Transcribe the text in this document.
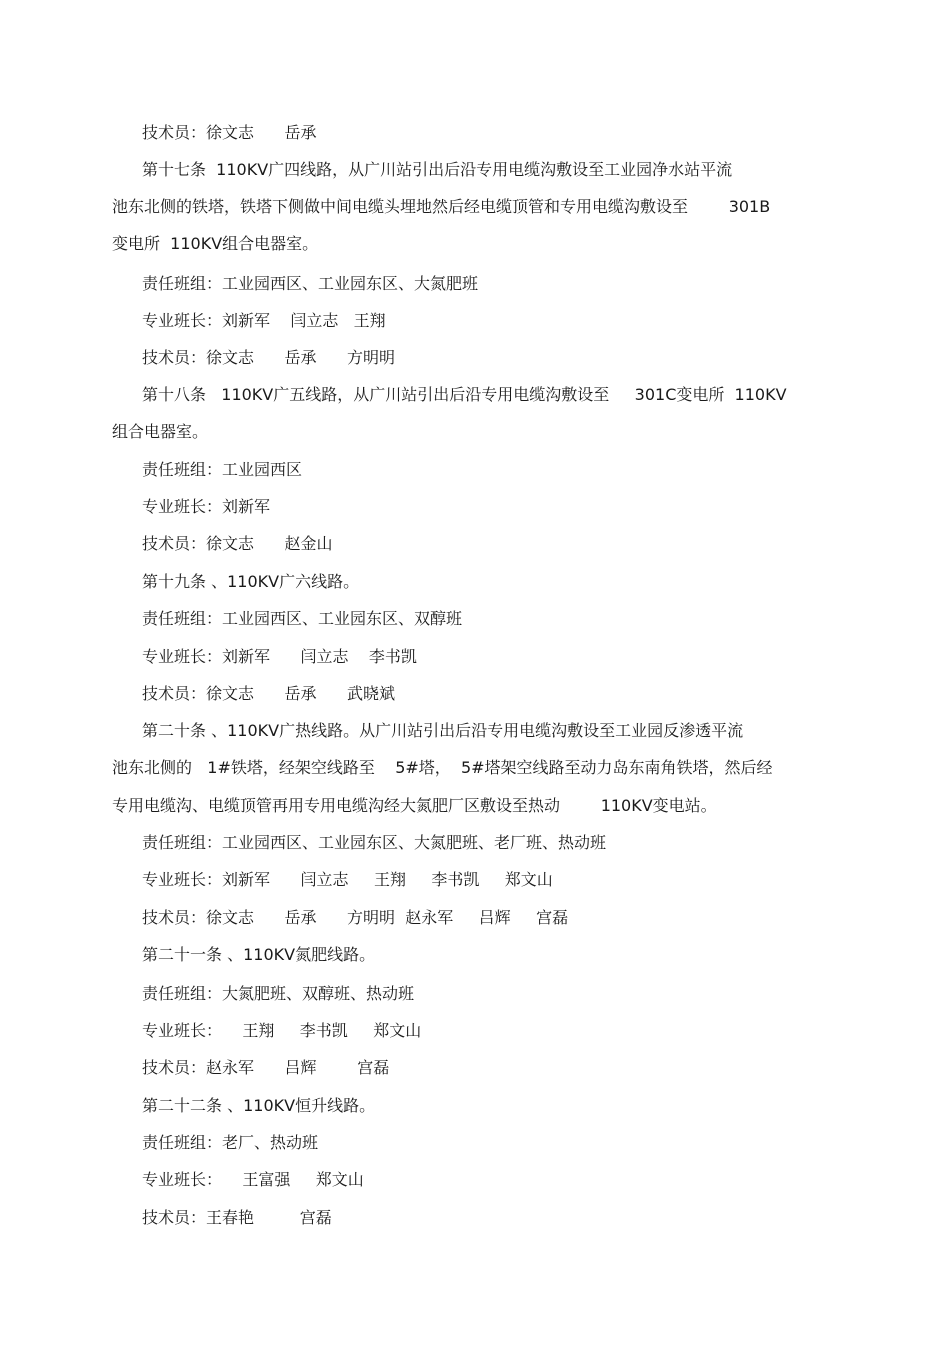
技术员：徐文志      岳承
第十七条  110KV广四线路，从广川站引出后沿专用电缆沟敷设至工业园净水站平流
池东北侧的铁塔，铁塔下侧做中间电缆头埋地然后经电缆顶管和专用电缆沟敷设至        301B
变电所  110KV组合电器室。
责任班组：工业园西区、工业园东区、大氮肥班
专业班长：刘新军    闫立志   王翔
技术员：徐文志      岳承      方明明
第十八条   110KV广五线路，从广川站引出后沿专用电缆沟敷设至     301C变电所  110KV
组合电器室。
责任班组：工业园西区
专业班长：刘新军
技术员：徐文志      赵金山
第十九条 、110KV广六线路。
责任班组：工业园西区、工业园东区、双醇班
专业班长：刘新军      闫立志    李书凯
技术员：徐文志      岳承      武晓斌
第二十条 、110KV广热线路。从广川站引出后沿专用电缆沟敷设至工业园反渗透平流
池东北侧的   1#铁塔，经架空线路至    5#塔，  5#塔架空线路至动力岛东南角铁塔，然后经
专用电缆沟、电缆顶管再用专用电缆沟经大氮肥厂区敷设至热动        110KV变电站。
责任班组：工业园西区、工业园东区、大氮肥班、老厂班、热动班
专业班长：刘新军      闫立志     王翔     李书凯     郑文山
技术员：徐文志      岳承      方明明  赵永军     吕辉     宫磊
第二十一条 、110KV氮肥线路。
责任班组：大氮肥班、双醇班、热动班
专业班长：    王翔     李书凯     郑文山
技术员：赵永军      吕辉        宫磊
第二十二条 、110KV恒升线路。
责任班组：老厂、热动班
专业班长：    王富强     郑文山
技术员：王春艳         宫磊
